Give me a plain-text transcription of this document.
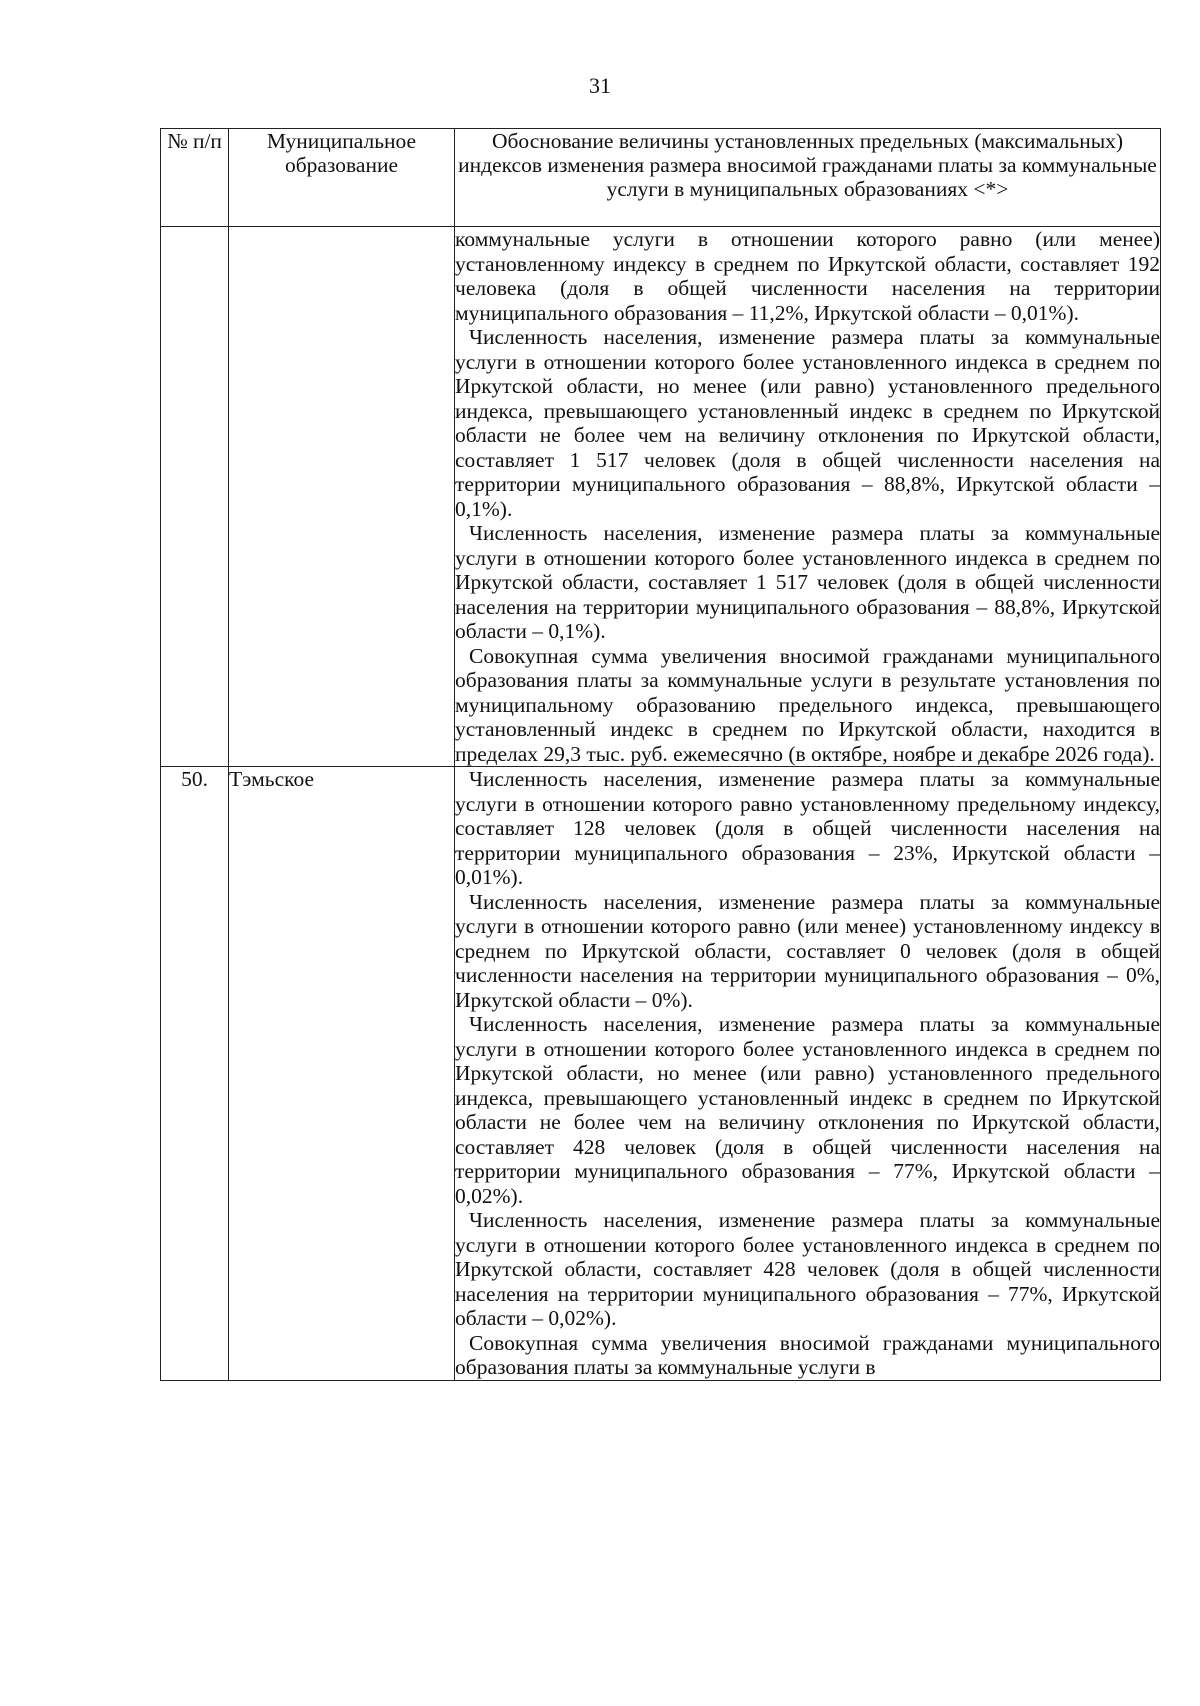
31
№ п/п	Муниципальное образование	Обоснование величины установленных предельных (максимальных) индексов изменения размера вносимой гражданами платы за коммунальные услуги в муниципальных образованиях <*>

		коммунальные услуги в отношении которого равно (или менее) установленному индексу в среднем по Иркутской области, составляет 192 человека (доля в общей численности населения на территории муниципального образования – 11,2%, Иркутской области – 0,01%).

Численность населения, изменение размера платы за коммунальные услуги в отношении которого более установленного индекса в среднем по Иркутской области, но менее (или равно) установленного предельного индекса, превышающего установленный индекс в среднем по Иркутской области не более чем на величину отклонения по Иркутской области, составляет 1 517 человек (доля в общей численности населения на территории муниципального образования – 88,8%, Иркутской области – 0,1%).

Численность населения, изменение размера платы за коммунальные услуги в отношении которого более установленного индекса в среднем по Иркутской области, составляет 1 517 человек (доля в общей численности населения на территории муниципального образования – 88,8%, Иркутской области – 0,1%).

Совокупная сумма увеличения вносимой гражданами муниципального образования платы за коммунальные услуги в результате установления по муниципальному образованию предельного индекса, превышающего установленный индекс в среднем по Иркутской области, находится в пределах 29,3 тыс. руб. ежемесячно (в октябре, ноябре и декабре 2026 года).

50.	Тэмьское	Численность населения, изменение размера платы за коммунальные услуги в отношении которого равно установленному предельному индексу, составляет 128 человек (доля в общей численности населения на территории муниципального образования – 23%, Иркутской области – 0,01%).

Численность населения, изменение размера платы за коммунальные услуги в отношении которого равно (или менее) установленному индексу в среднем по Иркутской области, составляет 0 человек (доля в общей численности населения на территории муниципального образования – 0%, Иркутской области – 0%).

Численность населения, изменение размера платы за коммунальные услуги в отношении которого более установленного индекса в среднем по Иркутской области, но менее (или равно) установленного предельного индекса, превышающего установленный индекс в среднем по Иркутской области не более чем на величину отклонения по Иркутской области, составляет 428 человек (доля в общей численности населения на территории муниципального образования – 77%, Иркутской области – 0,02%).

Численность населения, изменение размера платы за коммунальные услуги в отношении которого более установленного индекса в среднем по Иркутской области, составляет 428 человек (доля в общей численности населения на территории муниципального образования – 77%, Иркутской области – 0,02%).

Совокупная сумма увеличения вносимой гражданами муниципального образования платы за коммунальные услуги в
